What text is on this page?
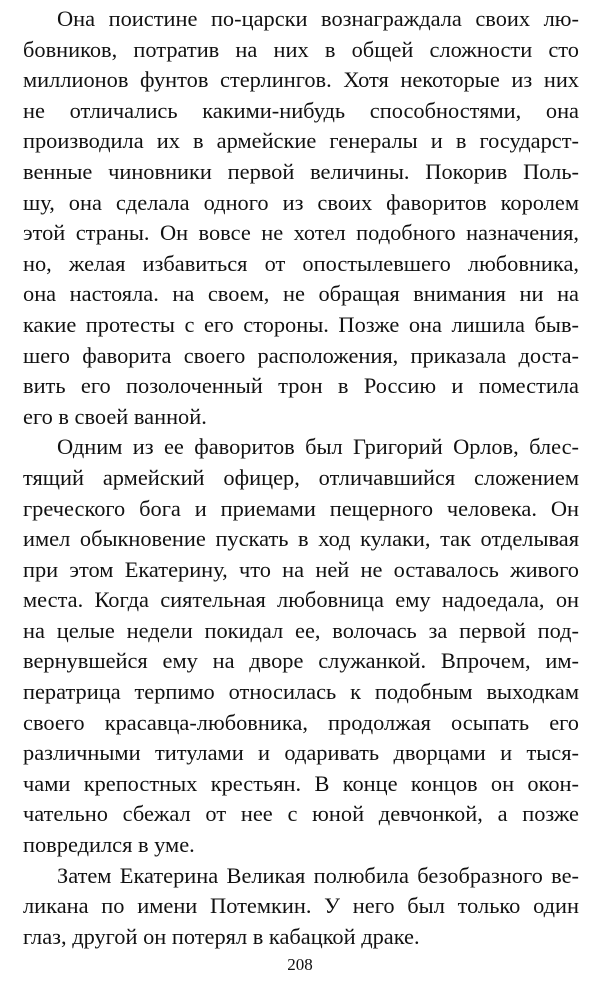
Она поистине по-царски вознаграждала своих лю-
бовников, потратив на них в общей сложности сто
миллионов фунтов стерлингов. Хотя некоторые из них
не отличались какими-нибудь способностями, она
производила их в армейские генералы и в государст-
венные чиновники первой величины. Покорив Поль-
шу, она сделала одного из своих фаворитов королем
этой страны. Он вовсе не хотел подобного назначения,
но, желая избавиться от опостылевшего любовника,
она настояла. на своем, не обращая внимания ни на
какие протесты с его стороны. Позже она лишила быв-
шего фаворита своего расположения, приказала доста-
вить его позолоченный трон в Россию и поместила
его в своей ванной.
Одним из ее фаворитов был Григорий Орлов, блес-
тящий армейский офицер, отличавшийся сложением
греческого бога и приемами пещерного человека. Он
имел обыкновение пускать в ход кулаки, так отделывая
при этом Екатерину, что на ней не оставалось живого
места. Когда сиятельная любовница ему надоедала, он
на целые недели покидал ее, волочась за первой под-
вернувшейся ему на дворе служанкой. Впрочем, им-
ператрица терпимо относилась к подобным выходкам
своего красавца-любовника, продолжая осыпать его
различными титулами и одаривать дворцами и тыся-
чами крепостных крестьян. В конце концов он окон-
чательно сбежал от нее с юной девчонкой, а позже
повредился в уме.
Затем Екатерина Великая полюбила безобразного ве-
ликана по имени Потемкин. У него был только один
глаз, другой он потерял в кабацкой драке.
208
